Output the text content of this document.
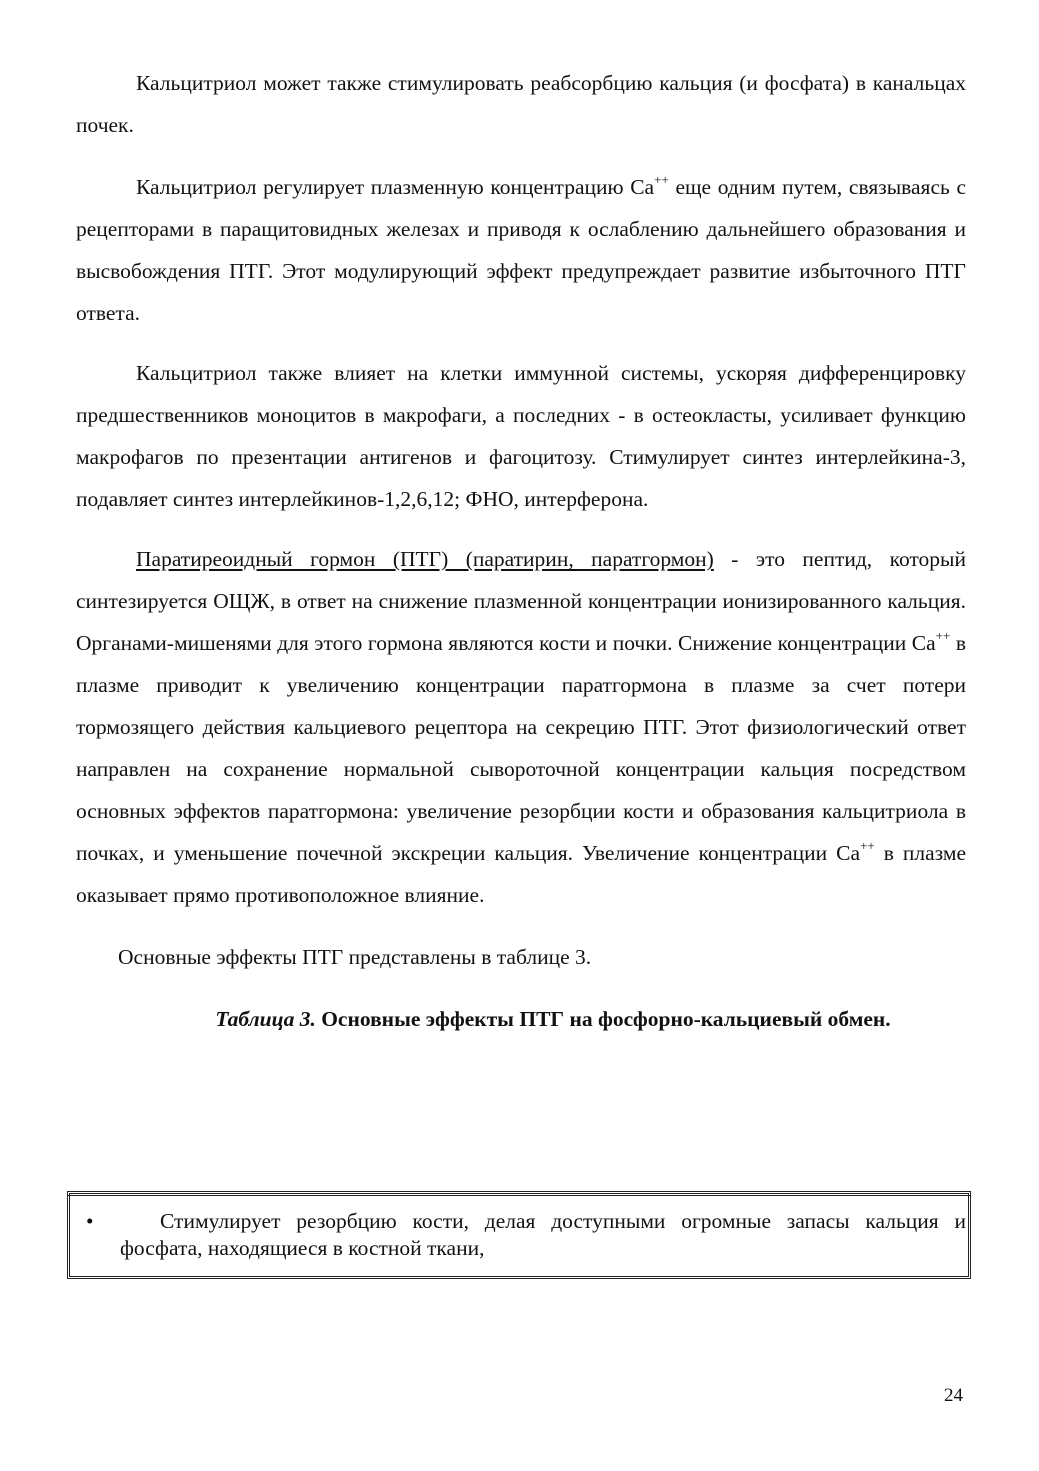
Кальцитриол может также стимулировать реабсорбцию кальция (и фосфата) в канальцах почек.

Кальцитриол регулирует плазменную концентрацию Ca++ еще одним путем, связываясь с рецепторами в паращитовидных железах и приводя к ослаблению дальнейшего образования и высвобождения ПТГ. Этот модулирующий эффект предупреждает развитие избыточного ПТГ ответа.

Кальцитриол также влияет на клетки иммунной системы, ускоряя дифференцировку предшественников моноцитов в макрофаги, а последних - в остеокласты, усиливает функцию макрофагов по презентации антигенов и фагоцитозу. Стимулирует синтез интерлейкина-3, подавляет синтез интерлейкинов-1,2,6,12; ФНО, интерферона.

Паратиреоидный гормон (ПТГ) (паратирин, паратгормон) - это пептид, который синтезируется ОЩЖ, в ответ на снижение плазменной концентрации ионизированного кальция. Органами-мишенями для этого гормона являются кости и почки. Снижение концентрации Ca++ в плазме приводит к увеличению концентрации паратгормона в плазме за счет потери тормозящего действия кальциевого рецептора на секрецию ПТГ. Этот физиологический ответ направлен на сохранение нормальной сывороточной концентрации кальция посредством основных эффектов паратгормона: увеличение резорбции кости и образования кальцитриола в почках, и уменьшение почечной экскреции кальция. Увеличение концентрации Ca++ в плазме оказывает прямо противоположное влияние.

Основные эффекты ПТГ представлены в таблице 3.

Таблица 3. Основные эффекты ПТГ на фосфорно-кальциевый обмен.
•	Стимулирует резорбцию кости, делая доступными огромные запасы кальция и фосфата, находящиеся в костной ткани,

24
